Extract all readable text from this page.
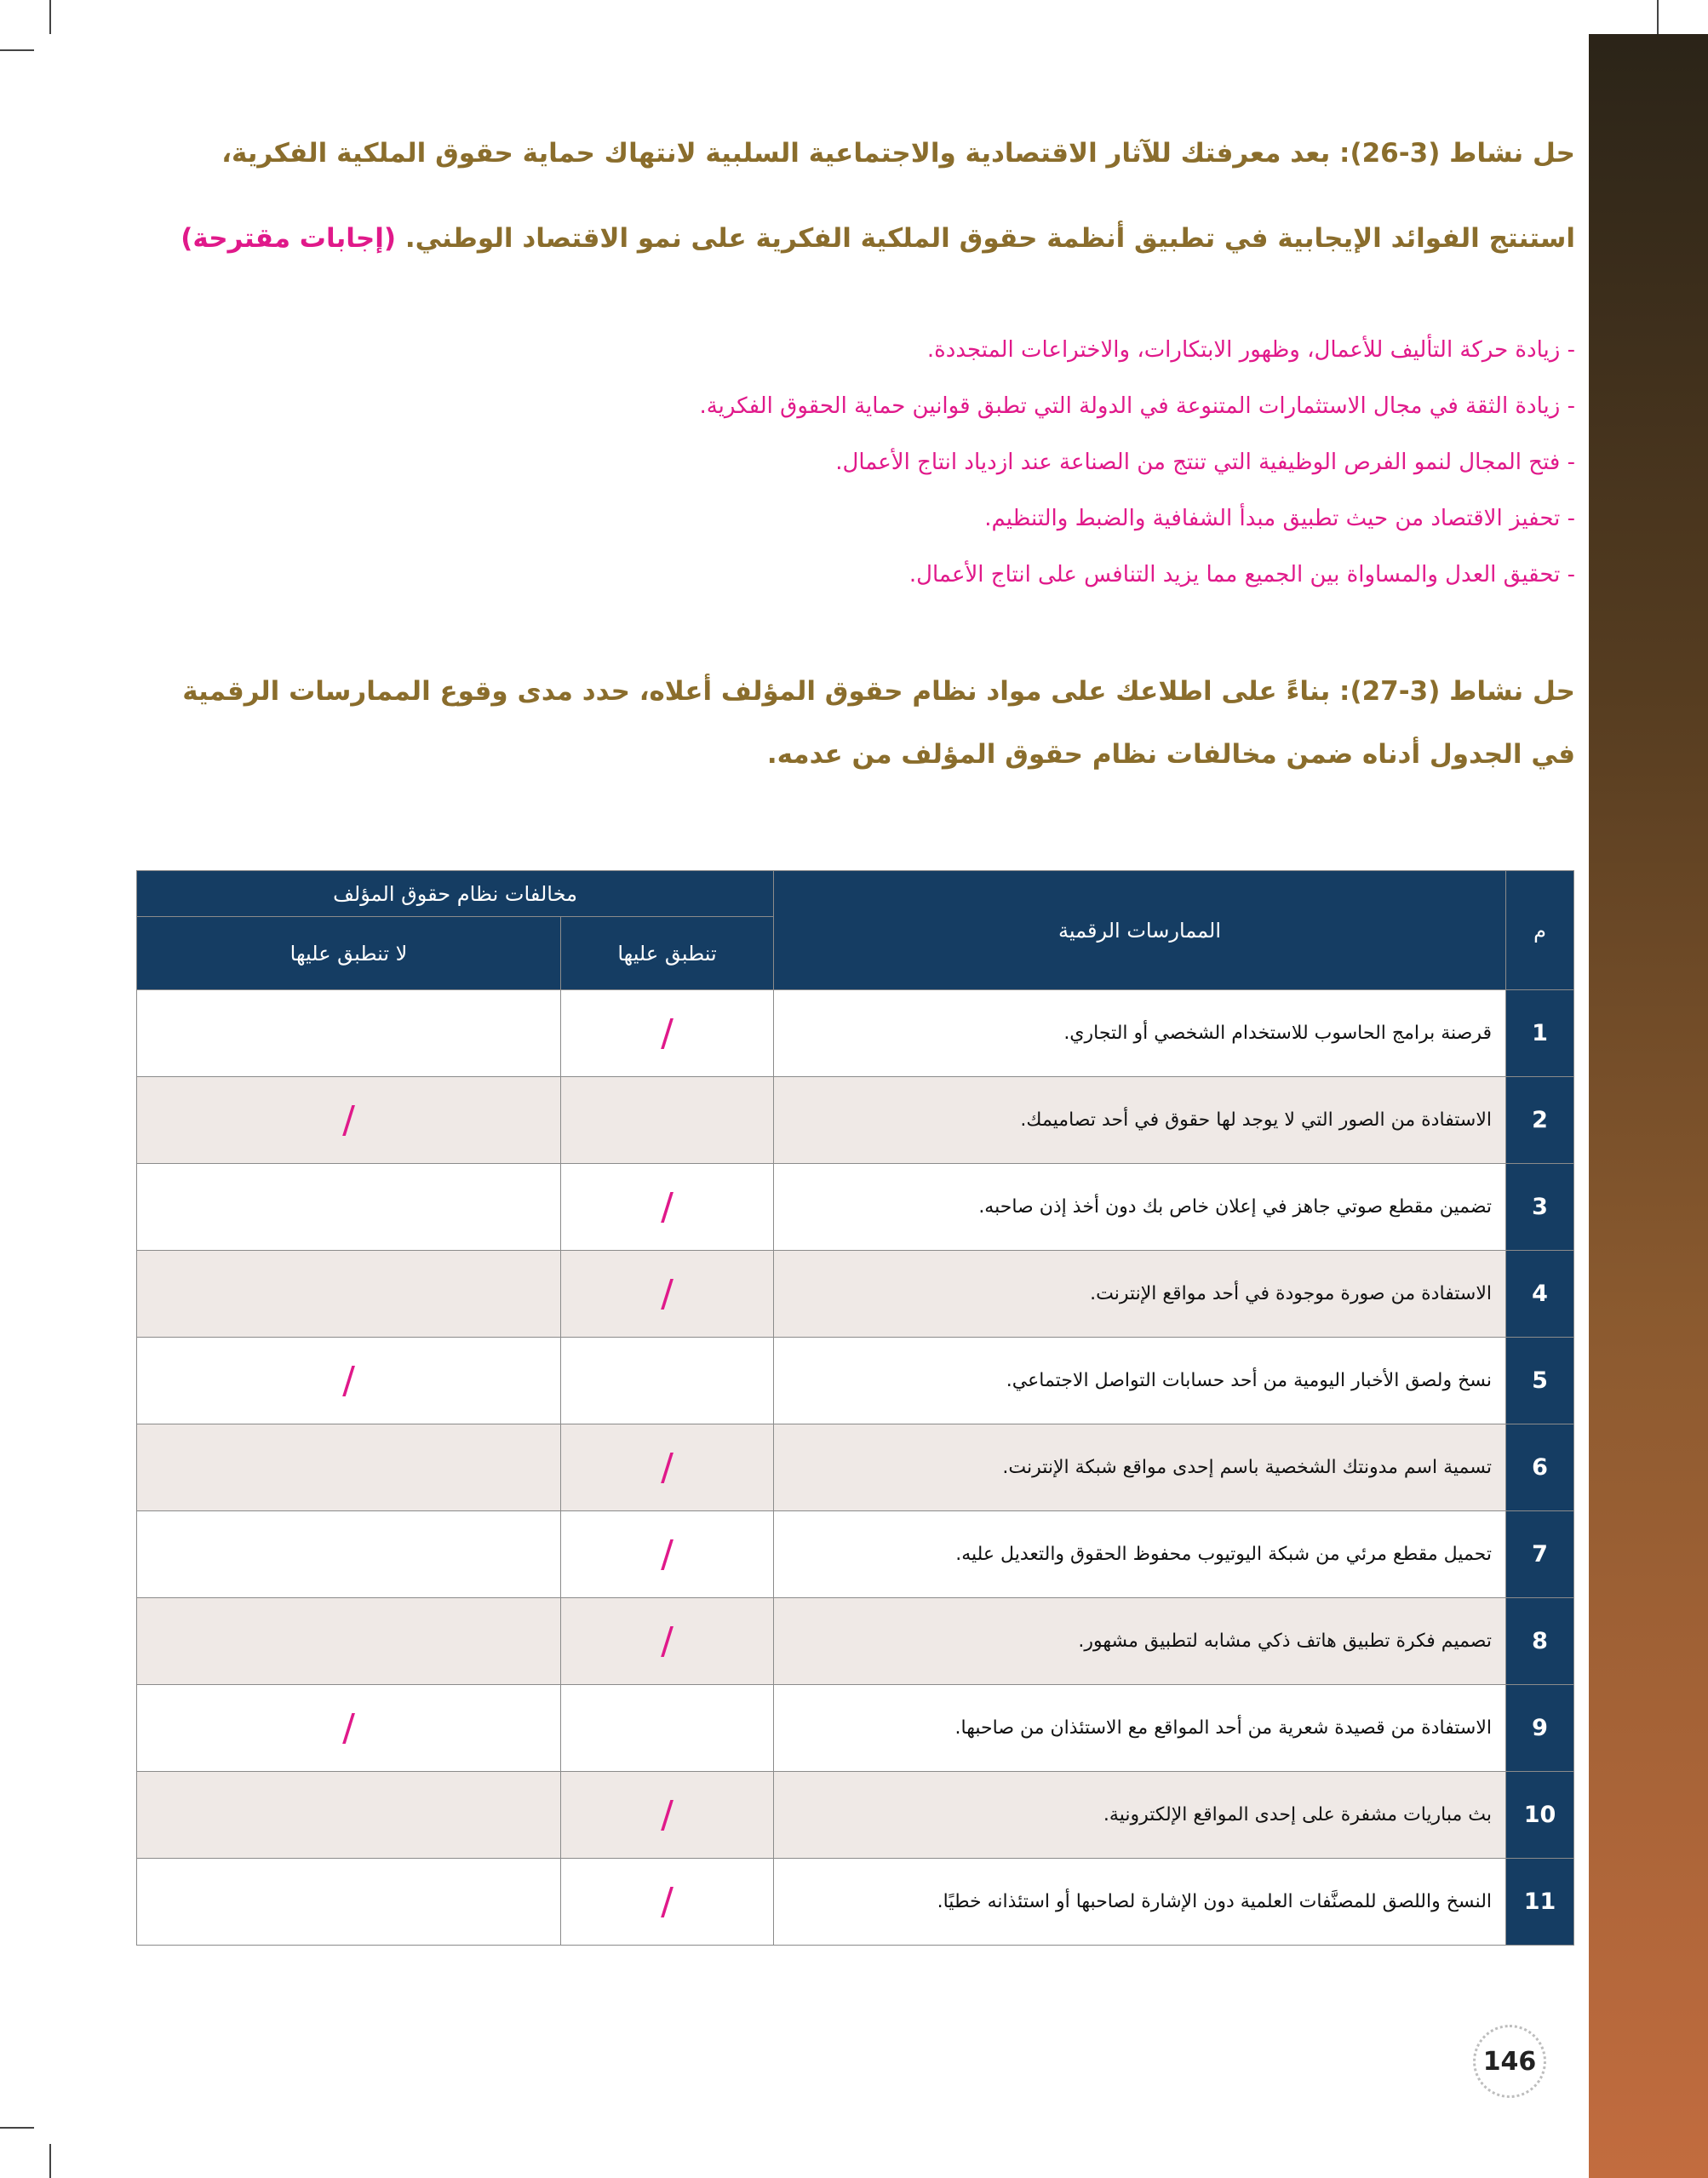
حل نشاط (3-26): بعد معرفتك للآثار الاقتصادية والاجتماعية السلبية لانتهاك حماية حقوق الملكية الفكرية،

استنتج الفوائد الإيجابية في تطبيق أنظمة حقوق الملكية الفكرية على نمو الاقتصاد الوطني. (إجابات مقترحة)

- زيادة حركة التأليف للأعمال، وظهور الابتكارات، والاختراعات المتجددة.
- زيادة الثقة في مجال الاستثمارات المتنوعة في الدولة التي تطبق قوانين حماية الحقوق الفكرية.
- فتح المجال لنمو الفرص الوظيفية التي تنتج من الصناعة عند ازدياد انتاج الأعمال.
- تحفيز الاقتصاد من حيث تطبيق مبدأ الشفافية والضبط والتنظيم.
- تحقيق العدل والمساواة بين الجميع مما يزيد التنافس على انتاج الأعمال.

حل نشاط (3-27): بناءً على اطلاعك على مواد نظام حقوق المؤلف أعلاه، حدد مدى وقوع الممارسات الرقمية

في الجدول أدناه ضمن مخالفات نظام حقوق المؤلف من عدمه.

م	الممارسات الرقمية	مخالفات نظام حقوق المؤلف	
		تنطبق عليها	لا تنطبق عليها
1	قرصنة برامج الحاسوب للاستخدام الشخصي أو التجاري.	/	
2	الاستفادة من الصور التي لا يوجد لها حقوق في أحد تصاميمك.		/
3	تضمين مقطع صوتي جاهز في إعلان خاص بك دون أخذ إذن صاحبه.	/	
4	الاستفادة من صورة موجودة في أحد مواقع الإنترنت.	/	
5	نسخ ولصق الأخبار اليومية من أحد حسابات التواصل الاجتماعي.		/
6	تسمية اسم مدونتك الشخصية باسم إحدى مواقع شبكة الإنترنت.	/	
7	تحميل مقطع مرئي من شبكة اليوتيوب محفوظ الحقوق والتعديل عليه.	/	
8	تصميم فكرة تطبيق هاتف ذكي مشابه لتطبيق مشهور.	/	
9	الاستفادة من قصيدة شعرية من أحد المواقع مع الاستئذان من صاحبها.		/
10	بث مباريات مشفرة على إحدى المواقع الإلكترونية.	/	
11	النسخ واللصق للمصنَّفات العلمية دون الإشارة لصاحبها أو استئذانه خطيًا.	/	
146
